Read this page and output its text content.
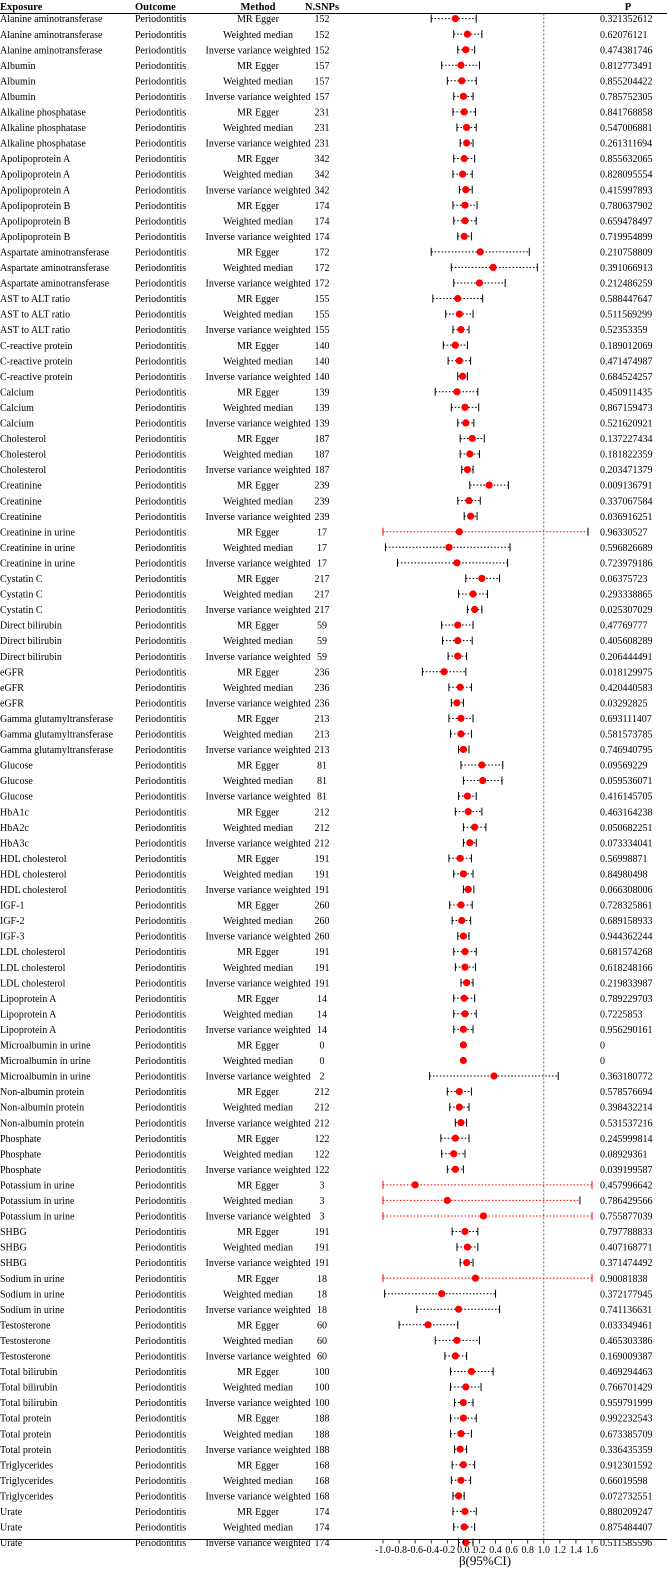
Exposure	Outcome	Method	N.SNPs	P
Alanine aminotransferase	Periodontitis	MR Egger	152	0.321352612
Alanine aminotransferase	Periodontitis	Weighted median 152	0.62076121
Alanine aminotransferase	Periodontitis Inverse variance weighted 152	0.474381746
Albumin	Periodontitis	MR Egger	157	0.812773491
Albumin	Periodontitis	Weighted median 157	0.855204422
Albumin	Periodontitis Inverse variance weighted 157	0.785752305
Alkaline phosphatase	Periodontitis	MR Egger	231	0.841768858
Alkaline phosphatase	Periodontitis	Weighted median 231	0.547006881
Alkaline phosphatase	Periodontitis Inverse variance weighted 231	0.261311694
Apolipoprotein A	Periodontitis	MR Egger	342	0.855632065
Apolipoprotein A	Periodontitis	Weighted median 342	0.828095554
Apolipoprotein A	Periodontitis Inverse variance weighted 342	0.415997893
Apolipoprotein B	Periodontitis	MR Egger	174	0.780637902
Apolipoprotein B	Periodontitis	Weighted median 174	0.659478497
Apolipoprotein B	Periodontitis Inverse variance weighted 174	0.719954899
Aspartate aminotransferase	Periodontitis	MR Egger	172	0.210758809
Aspartate aminotransferase	Periodontitis	Weighted median 172	0.391066913
Aspartate aminotransferase	Periodontitis Inverse variance weighted 172	0.212486259
AST to ALT ratio	Periodontitis	MR Egger	155	0.588447647
AST to ALT ratio	Periodontitis	Weighted median 155	0.511569299
AST to ALT ratio	Periodontitis Inverse variance weighted 155	0.52353359
C-reactive protein	Periodontitis	MR Egger	140	0.189012069
C-reactive protein	Periodontitis	Weighted median 140	0.471474987
C-reactive protein	Periodontitis Inverse variance weighted 140	0.684524257
Calcium	Periodontitis	MR Egger	139	0.450911435
Calcium	Periodontitis	Weighted median 139	0.867159473
Calcium	Periodontitis Inverse variance weighted 139	0.521620921
Cholesterol	Periodontitis	MR Egger	187	0.137227434
Cholesterol	Periodontitis	Weighted median 187	0.181822359
Cholesterol	Periodontitis Inverse variance weighted 187	0.203471379
Creatinine	Periodontitis	MR Egger	239	0.009136791
Creatinine	Periodontitis	Weighted median 239	0.337067584
Creatinine	Periodontitis Inverse variance weighted 239	0.036916251
Creatinine in urine	Periodontitis	MR Egger	17	0.96330527
Creatinine in urine	Periodontitis	Weighted median 17	0.596826689
Creatinine in urine	Periodontitis Inverse variance weighted 17	0.723979186
Cystatin C	Periodontitis	MR Egger	217	0.06375723
Cystatin C	Periodontitis	Weighted median 217	0.293338865
Cystatin C	Periodontitis Inverse variance weighted 217	0.025307029
Direct bilirubin	Periodontitis	MR Egger	59	0.47769777
Direct bilirubin	Periodontitis	Weighted median 59	0.405608289
Direct bilirubin	Periodontitis Inverse variance weighted 59	0.206444491
eGFR	Periodontitis	MR Egger	236	0.018129975
eGFR	Periodontitis	Weighted median 236	0.420440583
eGFR	Periodontitis Inverse variance weighted 236	0.03292825
Gamma glutamyltransferase Periodontitis	MR Egger	213	0.693111407
Gamma glutamyltransferase Periodontitis	Weighted median 213	0.581573785
Gamma glutamyltransferase Periodontitis Inverse variance weighted 213	0.746940795
Glucose	Periodontitis	MR Egger	81	0.09569229
Glucose	Periodontitis	Weighted median 81	0.059536071
Glucose	Periodontitis Inverse variance weighted 81	0.416145705
HbA1c	Periodontitis	MR Egger	212	0.463164238
HbA2c	Periodontitis	Weighted median 212	0.050682251
HbA3c	Periodontitis Inverse variance weighted 212	0.073334041
HDL cholesterol	Periodontitis	MR Egger	191	0.56998871
HDL cholesterol	Periodontitis	Weighted median 191	0.84980498
HDL cholesterol	Periodontitis Inverse variance weighted 191	0.066308006
IGF-1	Periodontitis	MR Egger	260	0.728325861
IGF-2	Periodontitis	Weighted median 260	0.689158933
IGF-3	Periodontitis Inverse variance weighted 260	0.944362244
LDL cholesterol	Periodontitis	MR Egger	191	0.681574268
LDL cholesterol	Periodontitis	Weighted median 191	0.618248166
LDL cholesterol	Periodontitis Inverse variance weighted 191	0.219833987
Lipoprotein A	Periodontitis	MR Egger	14	0.789229703
Lipoprotein A	Periodontitis	Weighted median 14	0.7225853
Lipoprotein A	Periodontitis Inverse variance weighted 14	0.956290161
Microalbumin in urine	Periodontitis	MR Egger	0	0
Microalbumin in urine	Periodontitis	Weighted median	0	0
Microalbumin in urine	Periodontitis Inverse variance weighted 2	0.363180772
Non-albumin protein	Periodontitis	MR Egger	212	0.578576694
Non-albumin protein	Periodontitis	Weighted median 212	0.398432214
Non-albumin protein	Periodontitis Inverse variance weighted 212	0.531537216
Phosphate	Periodontitis	MR Egger	122	0.245999814
Phosphate	Periodontitis	Weighted median 122	0.08929361
Phosphate	Periodontitis Inverse variance weighted 122	0.039199587
Potassium in urine	Periodontitis	MR Egger	3	0.457996642
Potassium in urine	Periodontitis	Weighted median	3	0.786429566
Potassium in urine	Periodontitis Inverse variance weighted 3	0.755877039
SHBG	Periodontitis	MR Egger	191	0.797788833
SHBG	Periodontitis	Weighted median 191	0.407168771
SHBG	Periodontitis Inverse variance weighted 191	0.371474492
Sodium in urine	Periodontitis	MR Egger	18	0.90081838
Sodium in urine	Periodontitis	Weighted median 18	0.372177945
Sodium in urine	Periodontitis Inverse variance weighted 18	0.741136631
Testosterone	Periodontitis	MR Egger	60	0.033349461
Testosterone	Periodontitis	Weighted median 60	0.465303386
Testosterone	Periodontitis Inverse variance weighted 60	0.169009387
Total bilirubin	Periodontitis	MR Egger	100	0.469294463
Total bilirubin	Periodontitis	Weighted median 100	0.766701429
Total bilirubin	Periodontitis Inverse variance weighted 100	0.959791999
Total protein	Periodontitis	MR Egger	188	0.992232543
Total protein	Periodontitis	Weighted median 188	0.673385709
Total protein	Periodontitis Inverse variance weighted 188	0.336435359
Triglycerides	Periodontitis	MR Egger	168	0.912301592
Triglycerides	Periodontitis	Weighted median 168	0.66019598
Triglycerides	Periodontitis Inverse variance weighted 168	0.072732551
Urate	Periodontitis	MR Egger	174	0.880209247
Urate	Periodontitis	Weighted median 174	0.875484407
Urate	Periodontitis Inverse variance weighted 174	0.511585596
-1.0 -0.8 -0.6 -0.4 -0.2 0.0 0.2 0.4 0.6 0.8 1.0 1.2 1.4 1.6
β(95%CI)
